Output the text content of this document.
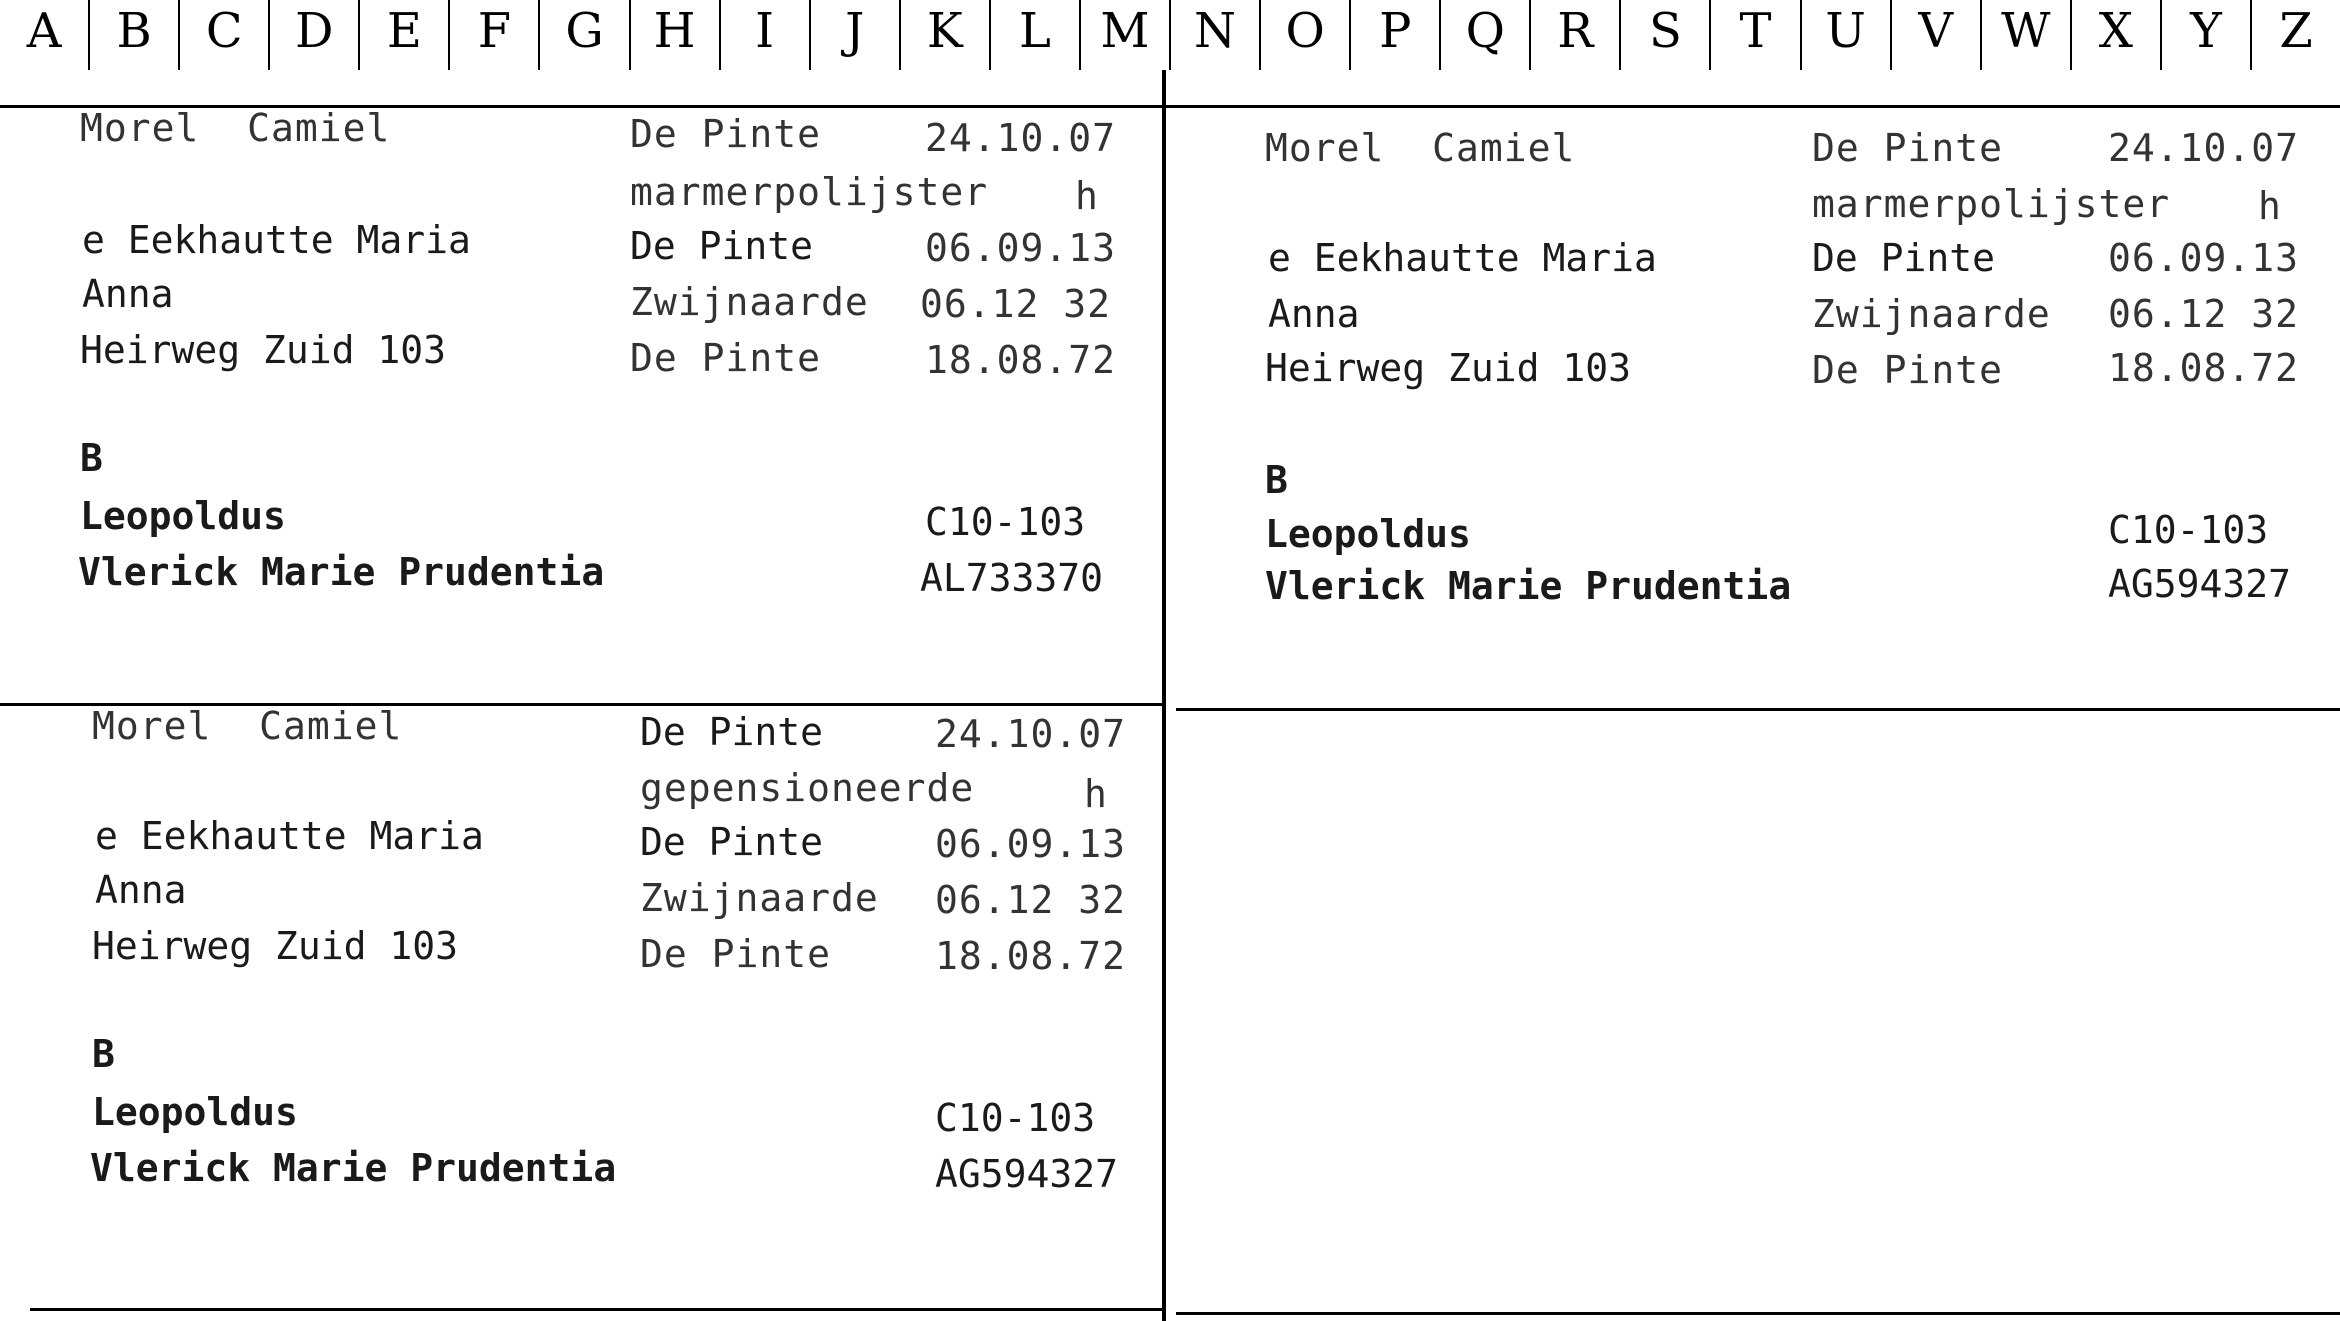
A	B	C	D	E	F	G	H	I	J	K	L	M N	O	P	Q	R	S	T	U	V	W	X	Y	Z
Morel  Camiel	De Pinte	24.10.07
marmerpolijster h
e Eekhautte Maria	De Pinte	06.09.13
Anna	Zwijnaarde 06.12 32
Heirweg Zuid 103	De Pinte	18.08.72
B
Leopoldus	C10-103
Vlerick Marie Prudentia	AL733370
Morel  Camiel	De Pinte	24.10.07
marmerpolijster h
e Eekhautte Maria	De Pinte	06.09.13
Anna	Zwijnaarde 06.12 32
Heirweg Zuid 103	De Pinte	18.08.72
B
Leopoldus	C10-103
Vlerick Marie Prudentia	AG594327
Morel  Camiel	De Pinte	24.10.07
gepensioneerde	h
e Eekhautte Maria	De Pinte	06.09.13
Anna	Zwijnaarde 06.12 32
Heirweg Zuid 103	De Pinte	18.08.72
B
Leopoldus	C10-103
Vlerick Marie Prudentia	AG594327
